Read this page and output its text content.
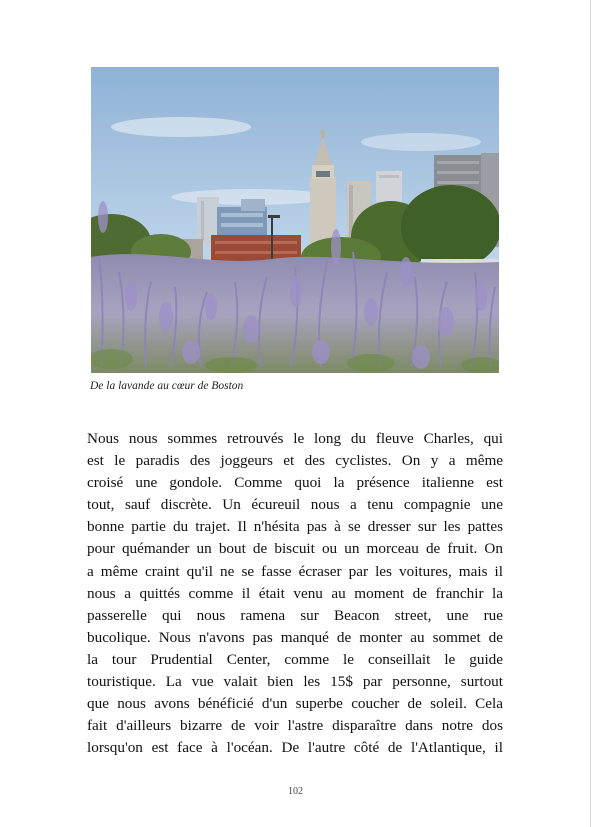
De la lavande au cœur de Boston
Nous nous sommes retrouvés le long du fleuve Charles, qui
est le paradis des joggeurs et des cyclistes. On y a même
croisé une gondole. Comme quoi la présence italienne est
tout, sauf discrète. Un écureuil nous a tenu compagnie une
bonne partie du trajet. Il n'hésita pas à se dresser sur les pattes
pour quémander un bout de biscuit ou un morceau de fruit. On
a même craint qu'il ne se fasse écraser par les voitures, mais il
nous a quittés comme il était venu au moment de franchir la
passerelle qui nous ramena sur Beacon street, une rue
bucolique. Nous n'avons pas manqué de monter au sommet de
la tour Prudential Center, comme le conseillait le guide
touristique. La vue valait bien les 15$ par personne, surtout
que nous avons bénéficié d'un superbe coucher de soleil. Cela
fait d'ailleurs bizarre de voir l'astre disparaître dans notre dos
lorsqu'on est face à l'océan. De l'autre côté de l'Atlantique, il
102
